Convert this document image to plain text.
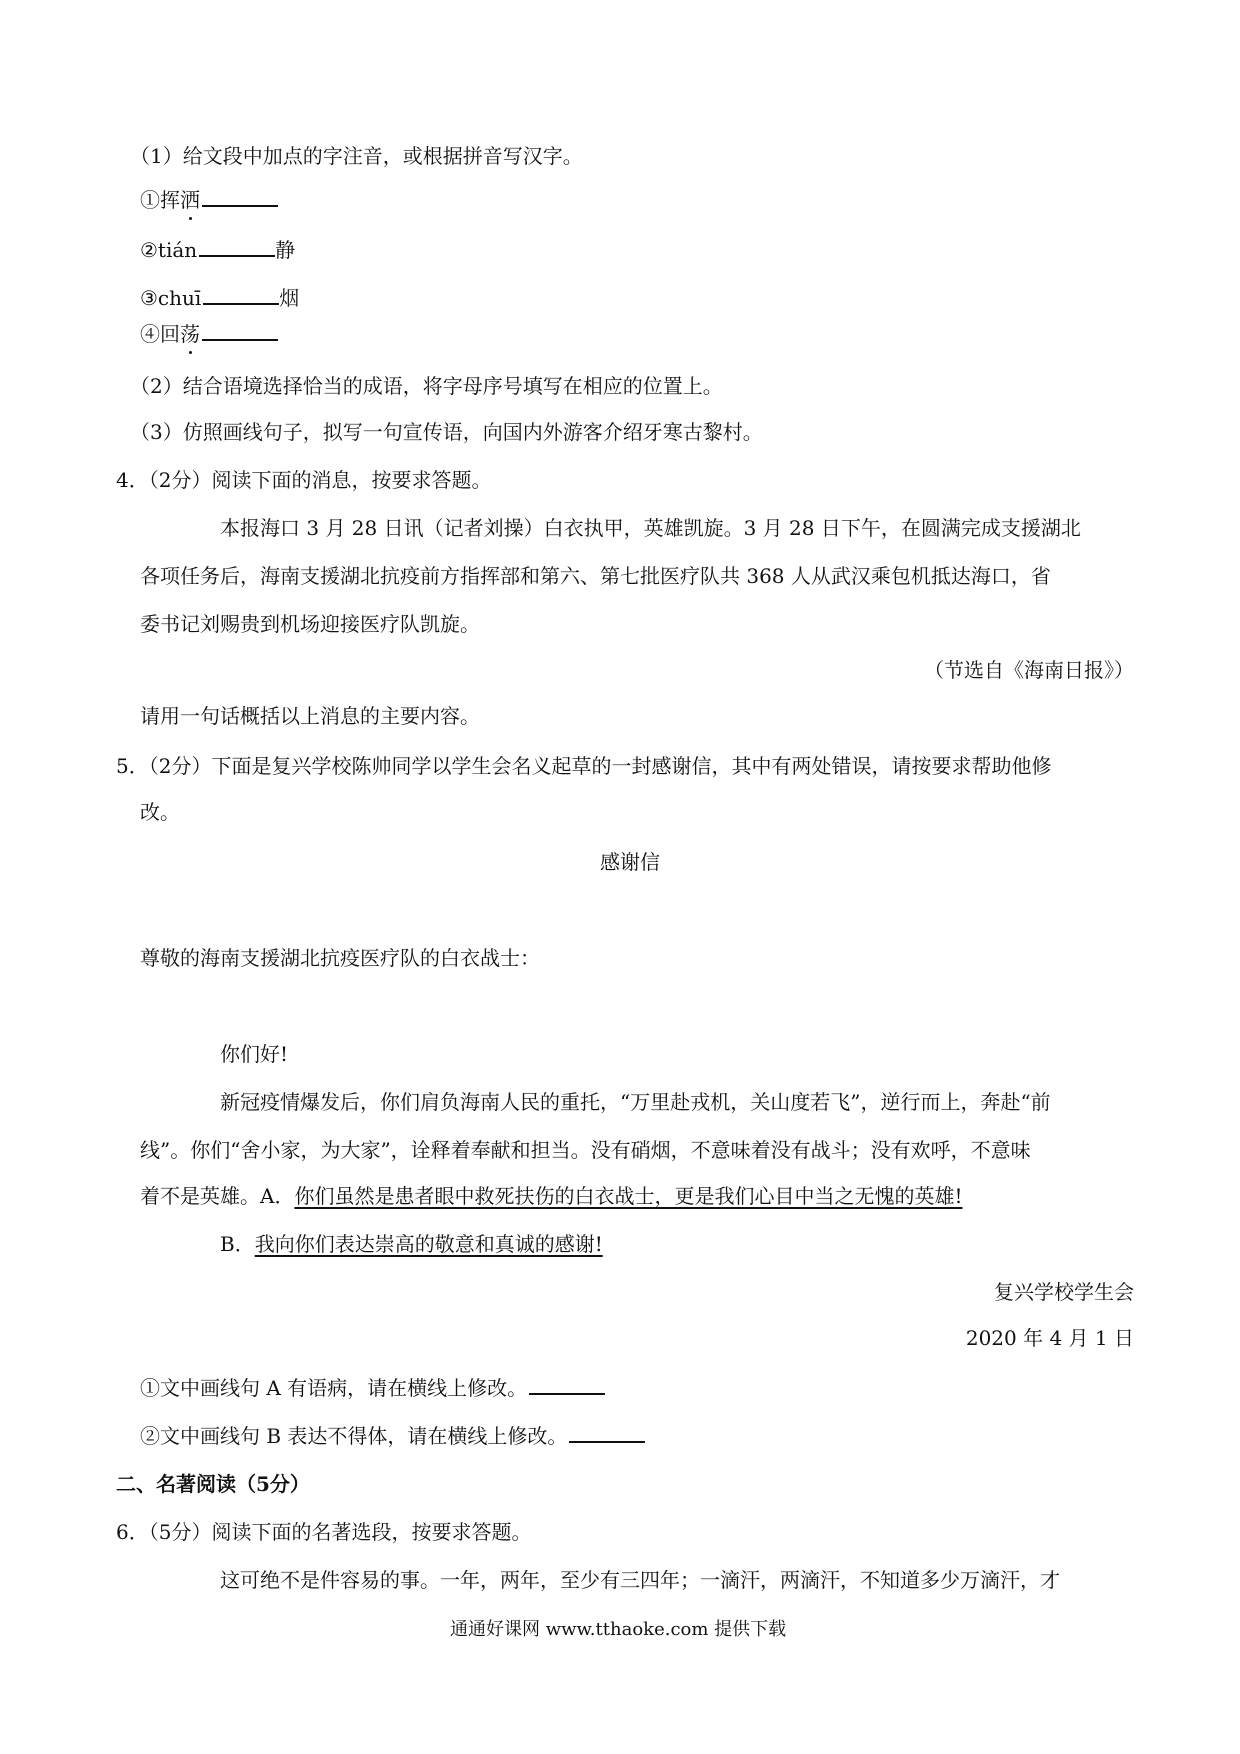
（1）给文段中加点的字注音，或根据拼音写汉字。
①挥洒
②tián	静
③chuī	烟
④回荡
（2）结合语境选择恰当的成语，将字母序号填写在相应的位置上。
（3）仿照画线句子，拟写一句宣传语，向国内外游客介绍牙寒古黎村。
4．（2分）阅读下面的消息，按要求答题。
本报海口 3 月 28 日讯（记者刘操）白衣执甲，英雄凯旋。3 月 28 日下午，在圆满完成支援湖北
各项任务后，海南支援湖北抗疫前方指挥部和第六、第七批医疗队共 368 人从武汉乘包机抵达海口，省
委书记刘赐贵到机场迎接医疗队凯旋。
（节选自《海南日报》）
请用一句话概括以上消息的主要内容。
5．（2分）下面是复兴学校陈帅同学以学生会名义起草的一封感谢信，其中有两处错误，请按要求帮助他修
改。
感谢信
尊敬的海南支援湖北抗疫医疗队的白衣战士：
你们好!
新冠疫情爆发后，你们肩负海南人民的重托，“万里赴戎机，关山度若飞”，逆行而上，奔赴“前
线”。你们“舍小家，为大家”，诠释着奉献和担当。没有硝烟，不意味着没有战斗；没有欢呼，不意味
着不是英雄。A．你们虽然是患者眼中救死扶伤的白衣战士，更是我们心目中当之无愧的英雄!
B．我向你们表达崇高的敬意和真诚的感谢!
复兴学校学生会
2020 年 4 月 1 日
①文中画线句 A 有语病，请在横线上修改。
②文中画线句 B 表达不得体，请在横线上修改。
二、名著阅读（5分）
6．（5分）阅读下面的名著选段，按要求答题。
这可绝不是件容易的事。一年，两年，至少有三四年；一滴汗，两滴汗，不知道多少万滴汗，才
通通好课网 www.tthaoke.com 提供下载
